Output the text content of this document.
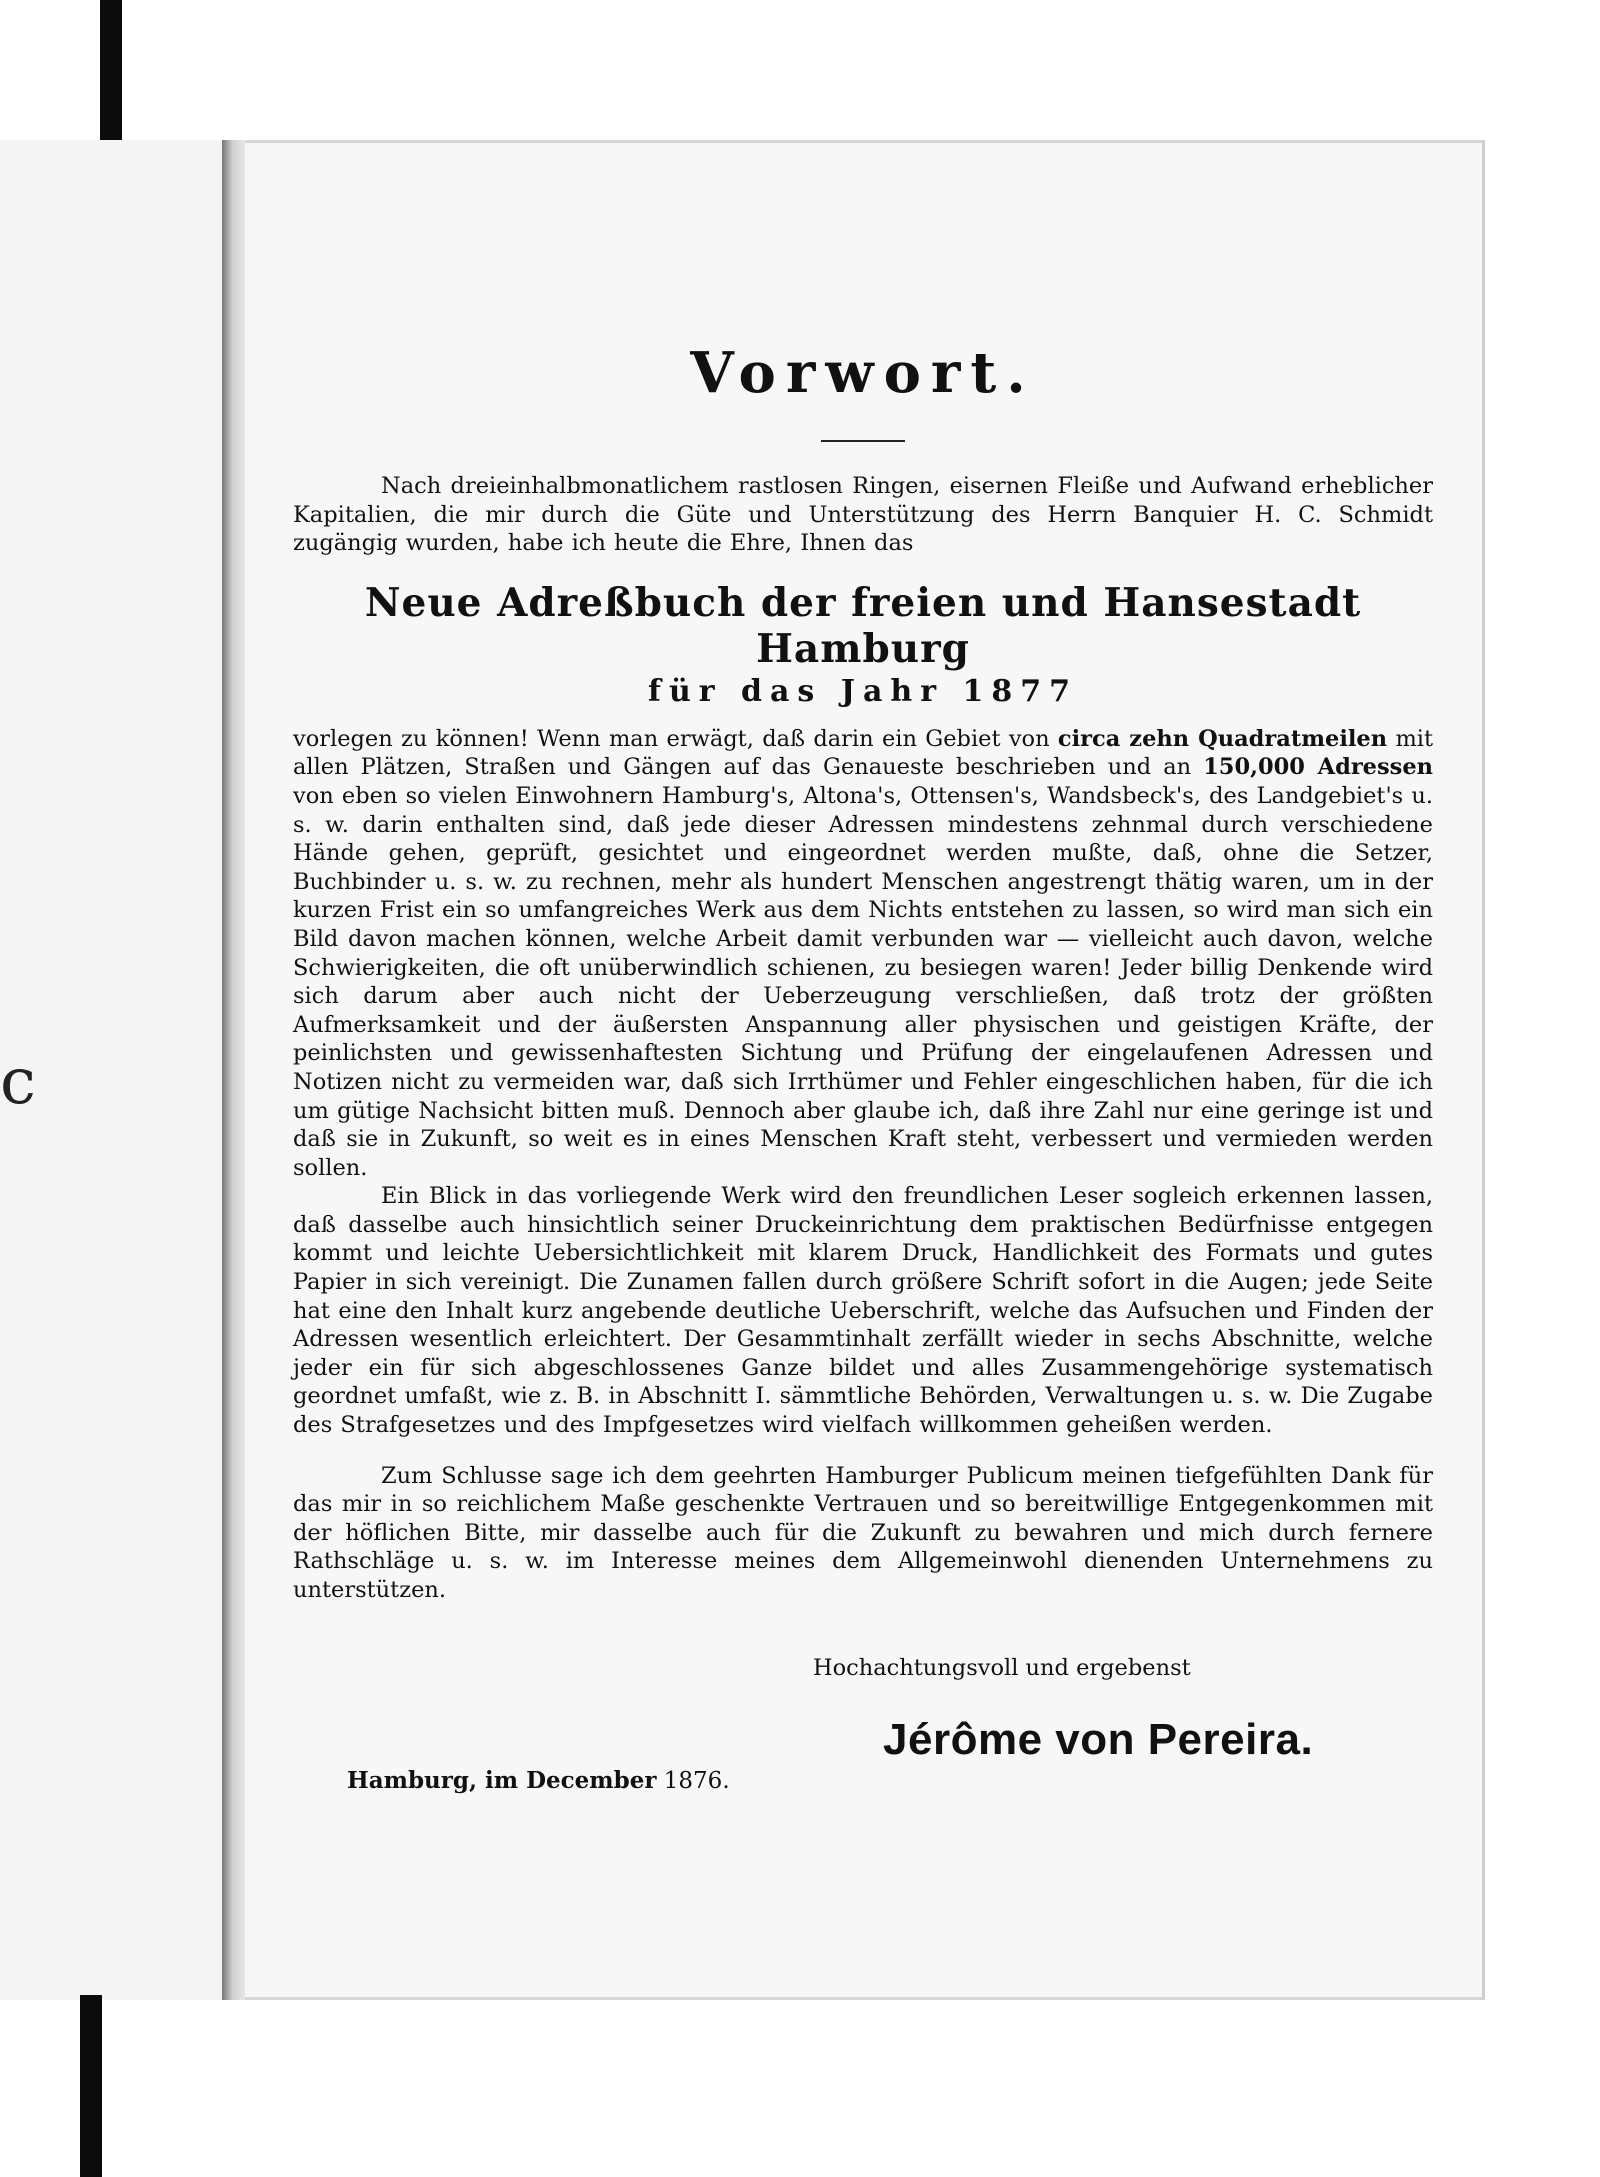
c
Vorwort.

Nach dreieinhalbmonatlichem rastlosen Ringen, eisernen Fleiße und Aufwand erheblicher Kapitalien, die mir durch die Güte und Unterstützung des Herrn Banquier H. C. Schmidt zugängig wurden, habe ich heute die Ehre, Ihnen das

Neue Adreßbuch der freien und Hansestadt Hamburg
für das Jahr 1877

vorlegen zu können! Wenn man erwägt, daß darin ein Gebiet von circa zehn Quadratmeilen mit allen Plätzen, Straßen und Gängen auf das Genaueste beschrieben und an 150,000 Adressen von eben so vielen Einwohnern Hamburg's, Altona's, Ottensen's, Wandsbeck's, des Landgebiet's u. s. w. darin enthalten sind, daß jede dieser Adressen mindestens zehnmal durch verschiedene Hände gehen, geprüft, gesichtet und eingeordnet werden mußte, daß, ohne die Setzer, Buchbinder u. s. w. zu rechnen, mehr als hundert Menschen angestrengt thätig waren, um in der kurzen Frist ein so umfangreiches Werk aus dem Nichts entstehen zu lassen, so wird man sich ein Bild davon machen können, welche Arbeit damit verbunden war — vielleicht auch davon, welche Schwierigkeiten, die oft unüberwindlich schienen, zu besiegen waren! Jeder billig Denkende wird sich darum aber auch nicht der Ueberzeugung verschließen, daß trotz der größten Aufmerksamkeit und der äußersten Anspannung aller physischen und geistigen Kräfte, der peinlichsten und gewissenhaftesten Sichtung und Prüfung der eingelaufenen Adressen und Notizen nicht zu vermeiden war, daß sich Irrthümer und Fehler eingeschlichen haben, für die ich um gütige Nachsicht bitten muß. Dennoch aber glaube ich, daß ihre Zahl nur eine geringe ist und daß sie in Zukunft, so weit es in eines Menschen Kraft steht, verbessert und vermieden werden sollen.

Ein Blick in das vorliegende Werk wird den freundlichen Leser sogleich erkennen lassen, daß dasselbe auch hinsichtlich seiner Druckeinrichtung dem praktischen Bedürfnisse entgegen kommt und leichte Uebersichtlichkeit mit klarem Druck, Handlichkeit des Formats und gutes Papier in sich vereinigt. Die Zunamen fallen durch größere Schrift sofort in die Augen; jede Seite hat eine den Inhalt kurz angebende deutliche Ueberschrift, welche das Aufsuchen und Finden der Adressen wesentlich erleichtert. Der Gesammtinhalt zerfällt wieder in sechs Abschnitte, welche jeder ein für sich abgeschlossenes Ganze bildet und alles Zusammengehörige systematisch geordnet umfaßt, wie z. B. in Abschnitt I. sämmtliche Behörden, Verwaltungen u. s. w. Die Zugabe des Strafgesetzes und des Impfgesetzes wird vielfach willkommen geheißen werden.

Zum Schlusse sage ich dem geehrten Hamburger Publicum meinen tiefgefühlten Dank für das mir in so reichlichem Maße geschenkte Vertrauen und so bereitwillige Entgegenkommen mit der höflichen Bitte, mir dasselbe auch für die Zukunft zu bewahren und mich durch fernere Rathschläge u. s. w. im Interesse meines dem Allgemeinwohl dienenden Unternehmens zu unterstützen.

Hochachtungsvoll und ergebenst
Jérôme von Pereira.
Hamburg, im December 1876.
